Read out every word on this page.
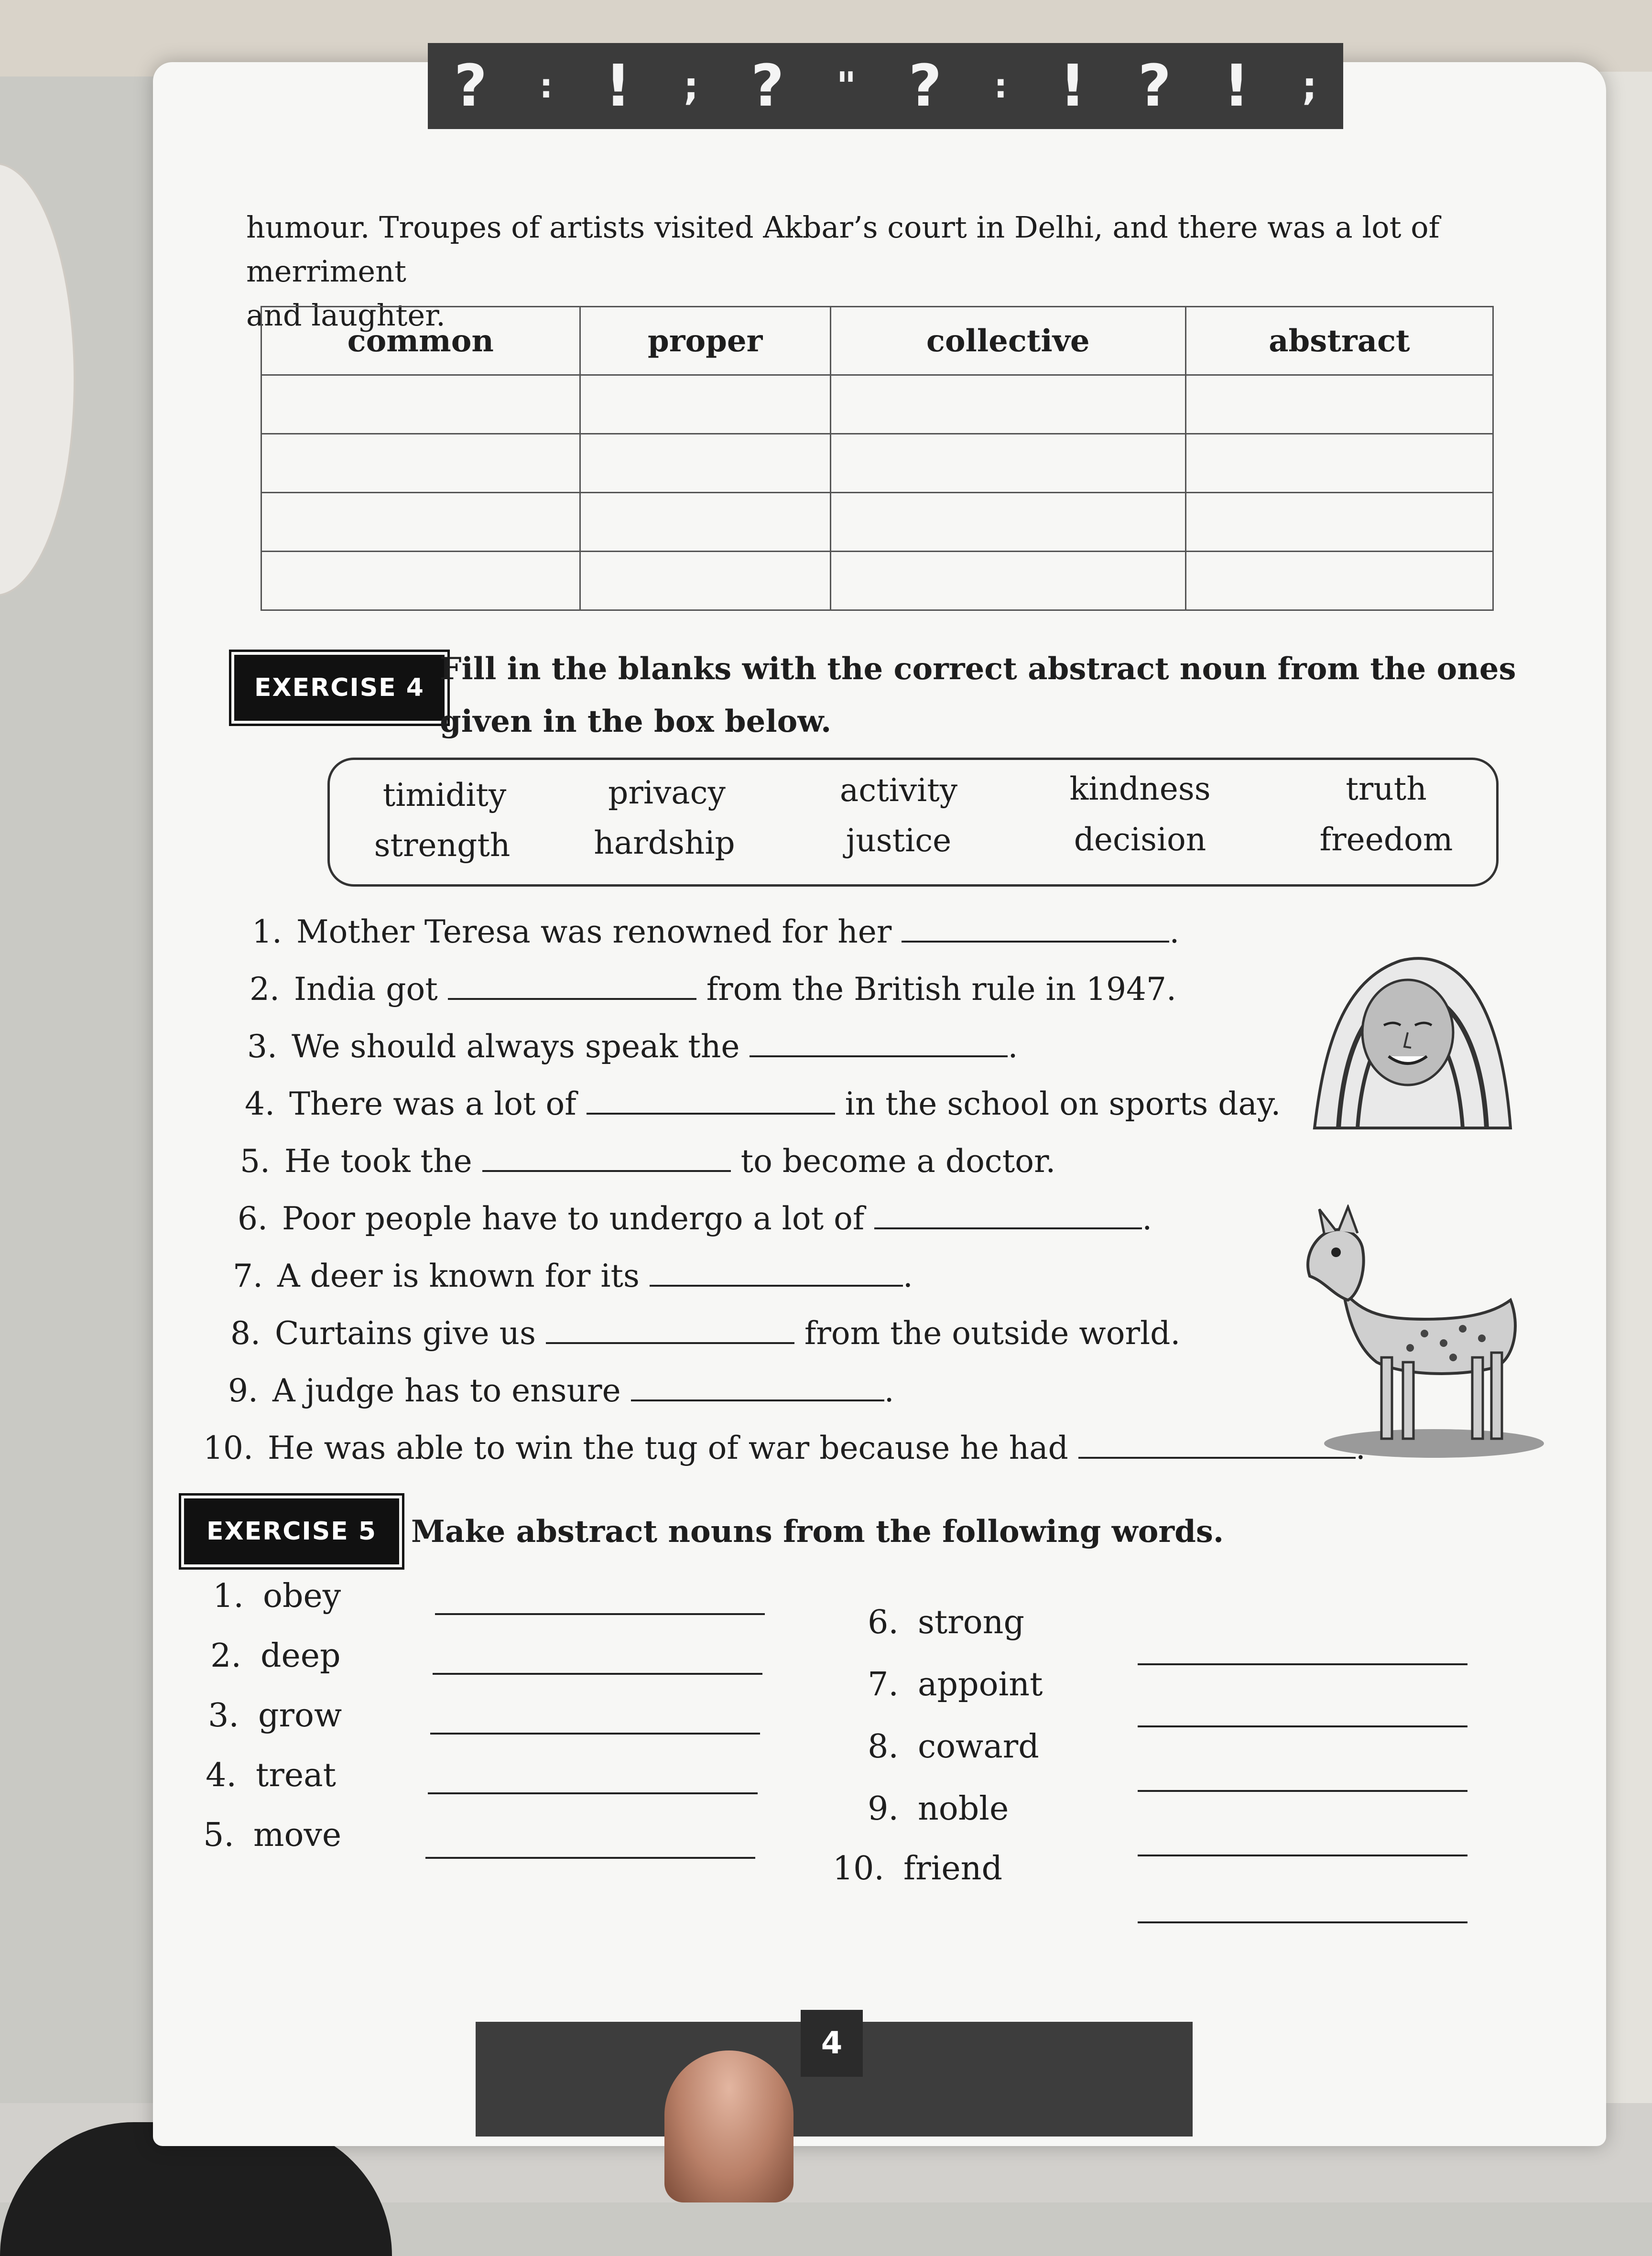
? : ! ; ? " ? : ! ? ! ;
humour. Troupes of artists visited Akbar’s court in Delhi, and there was a lot of merriment
and laughter.
common	proper	collective	abstract

EXERCISE 4
Fill in the blanks with the correct abstract noun from the ones given in the box below.
timidity	privacy	activity	kindness	truth
strength	hardship	justice	decision	freedom
1. Mother Teresa was renowned for her	.
2. India got	from the British rule in 1947.
3. We should always speak the	.
4. There was a lot of	in the school on sports day.
5. He took the	to become a doctor.
6. Poor people have to undergo a lot of	.
7. A deer is known for its	.
8. Curtains give us	from the outside world.
9. A judge has to ensure	.
10. He was able to win the tug of war because he had
EXERCISE 5	Make abstract nouns from the following words.
1. obey
2. deep
3. grow
4. treat
5. move
6. strong
7. appoint
8. coward
9. noble
10. friend
4
